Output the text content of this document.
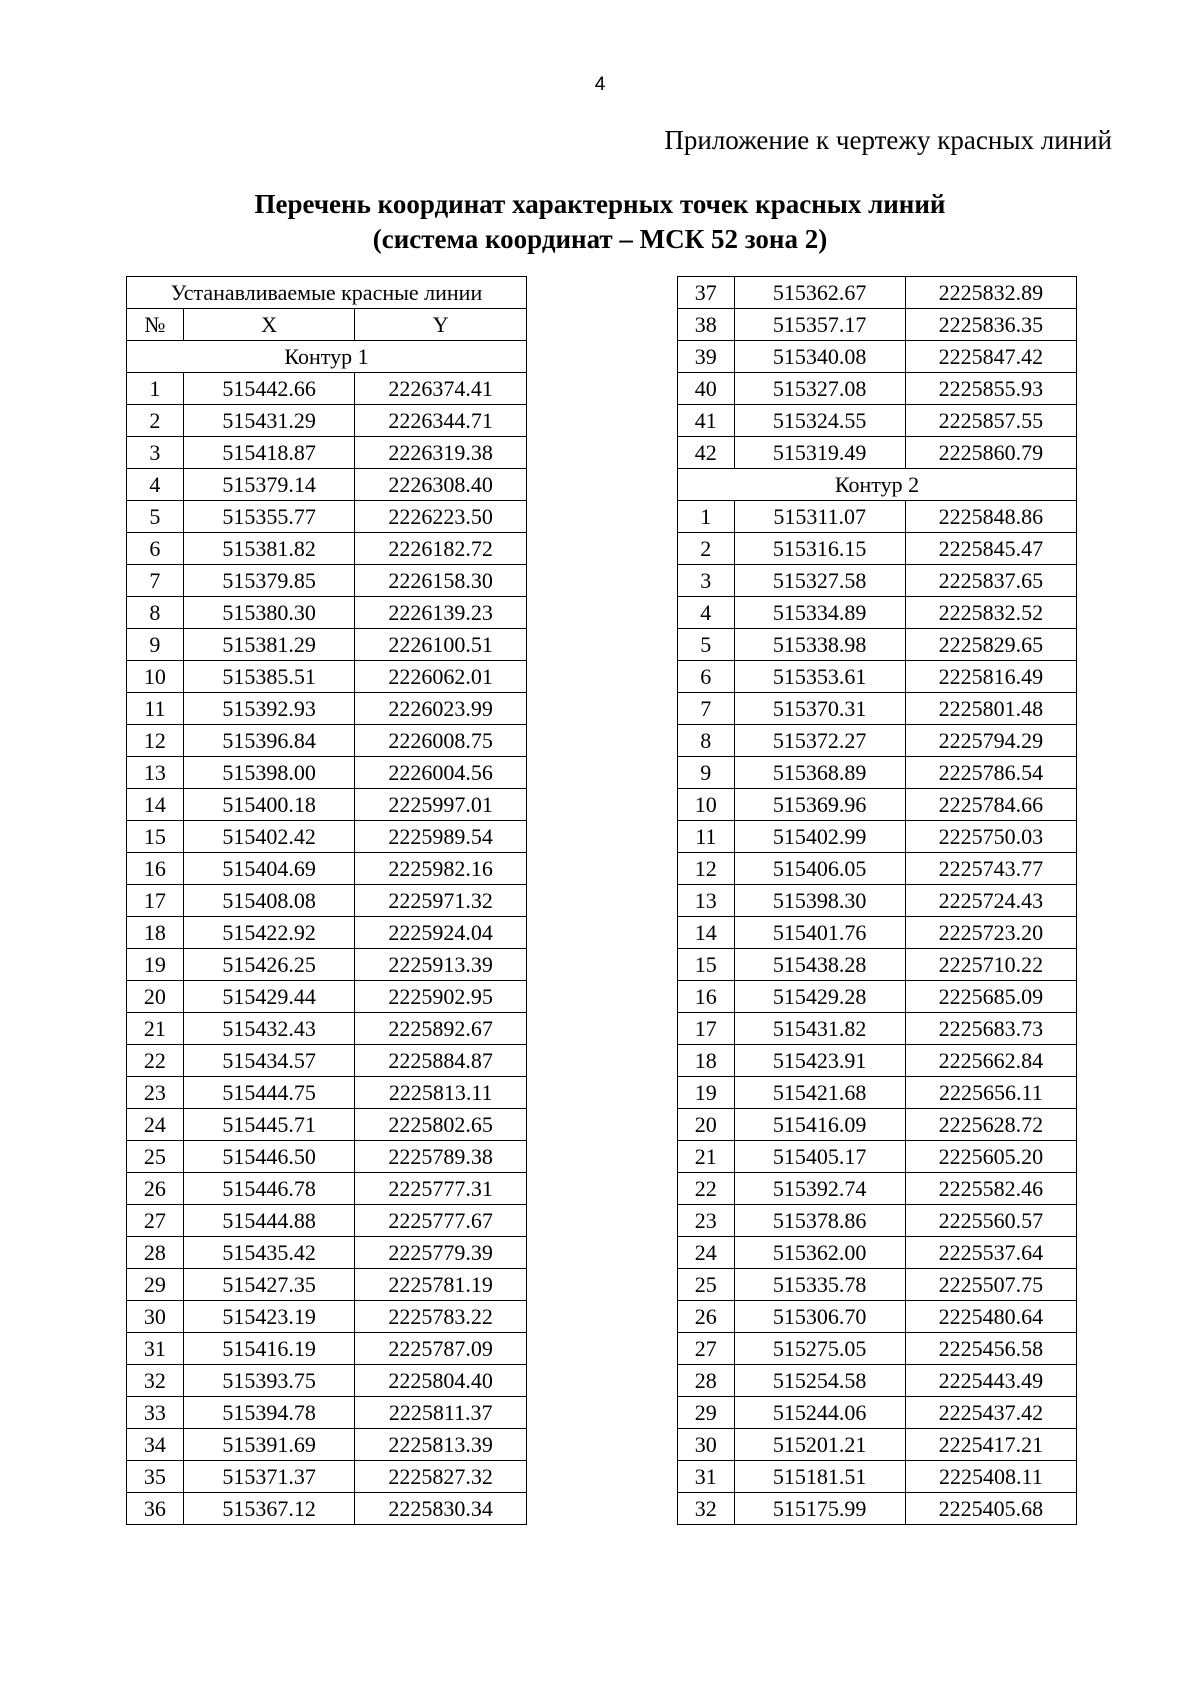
4
Приложение к чертежу красных линий
Перечень координат характерных точек красных линий
(система координат – МСК 52 зона 2)
Устанавливаемые красные линии		
№	X	Y
Контур 1		
1	515442.66	2226374.41
2	515431.29	2226344.71
3	515418.87	2226319.38
4	515379.14	2226308.40
5	515355.77	2226223.50
6	515381.82	2226182.72
7	515379.85	2226158.30
8	515380.30	2226139.23
9	515381.29	2226100.51
10	515385.51	2226062.01
11	515392.93	2226023.99
12	515396.84	2226008.75
13	515398.00	2226004.56
14	515400.18	2225997.01
15	515402.42	2225989.54
16	515404.69	2225982.16
17	515408.08	2225971.32
18	515422.92	2225924.04
19	515426.25	2225913.39
20	515429.44	2225902.95
21	515432.43	2225892.67
22	515434.57	2225884.87
23	515444.75	2225813.11
24	515445.71	2225802.65
25	515446.50	2225789.38
26	515446.78	2225777.31
27	515444.88	2225777.67
28	515435.42	2225779.39
29	515427.35	2225781.19
30	515423.19	2225783.22
31	515416.19	2225787.09
32	515393.75	2225804.40
33	515394.78	2225811.37
34	515391.69	2225813.39
35	515371.37	2225827.32
36	515367.12	2225830.34
37	515362.67	2225832.89
38	515357.17	2225836.35
39	515340.08	2225847.42
40	515327.08	2225855.93
41	515324.55	2225857.55
42	515319.49	2225860.79
Контур 2		
1	515311.07	2225848.86
2	515316.15	2225845.47
3	515327.58	2225837.65
4	515334.89	2225832.52
5	515338.98	2225829.65
6	515353.61	2225816.49
7	515370.31	2225801.48
8	515372.27	2225794.29
9	515368.89	2225786.54
10	515369.96	2225784.66
11	515402.99	2225750.03
12	515406.05	2225743.77
13	515398.30	2225724.43
14	515401.76	2225723.20
15	515438.28	2225710.22
16	515429.28	2225685.09
17	515431.82	2225683.73
18	515423.91	2225662.84
19	515421.68	2225656.11
20	515416.09	2225628.72
21	515405.17	2225605.20
22	515392.74	2225582.46
23	515378.86	2225560.57
24	515362.00	2225537.64
25	515335.78	2225507.75
26	515306.70	2225480.64
27	515275.05	2225456.58
28	515254.58	2225443.49
29	515244.06	2225437.42
30	515201.21	2225417.21
31	515181.51	2225408.11
32	515175.99	2225405.68
